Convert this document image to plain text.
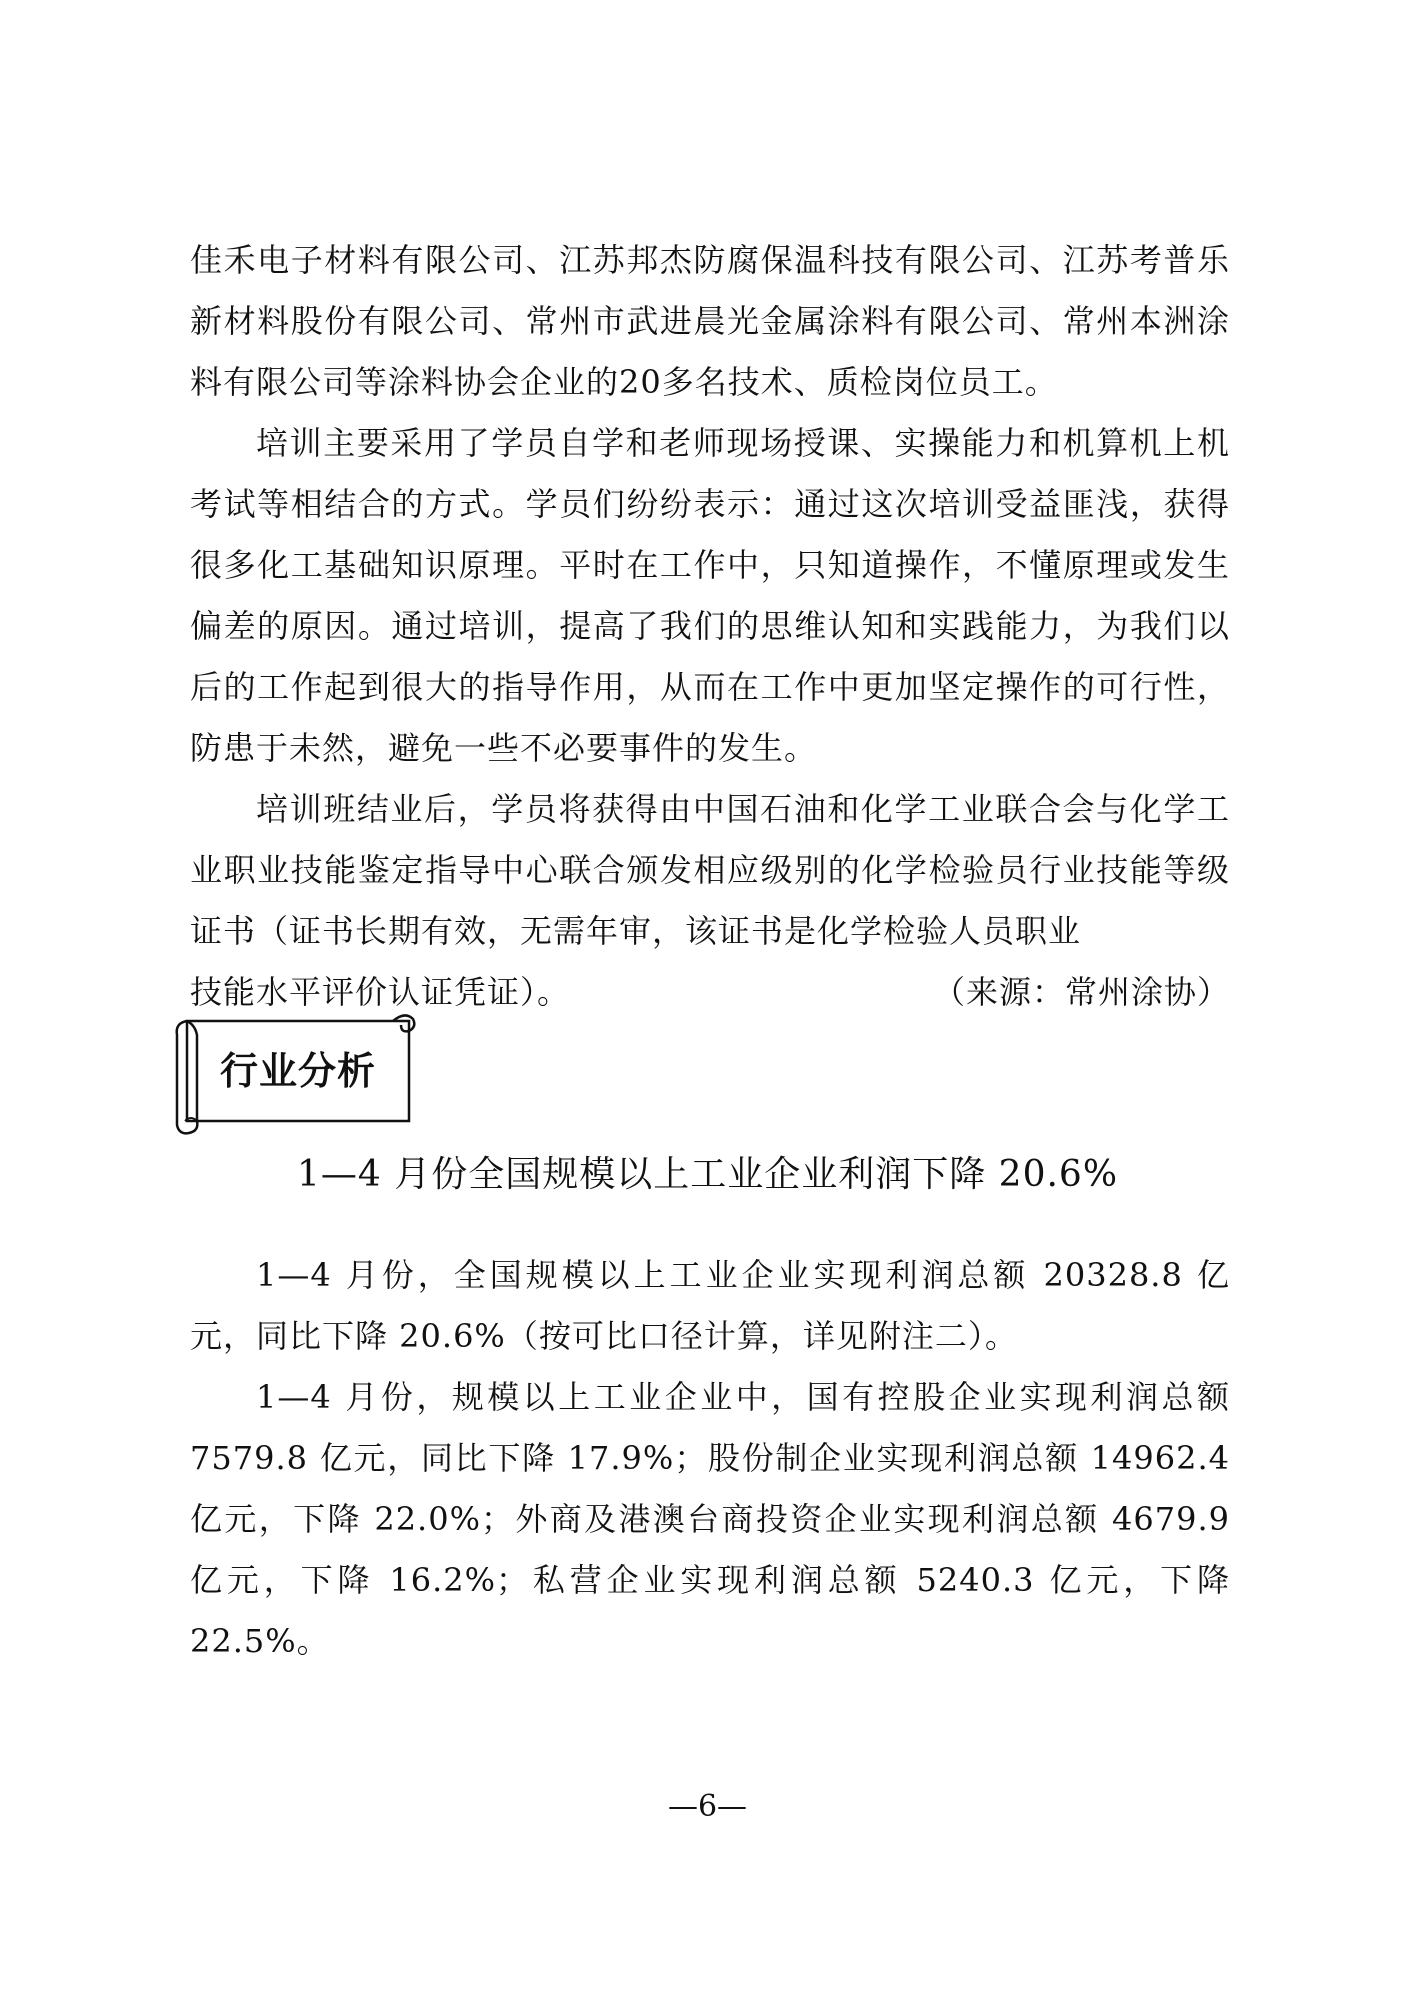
佳禾电子材料有限公司、江苏邦杰防腐保温科技有限公司、江苏考普乐新材料股份有限公司、常州市武进晨光金属涂料有限公司、常州本洲涂料有限公司等涂料协会企业的20多名技术、质检岗位员工。

培训主要采用了学员自学和老师现场授课、实操能力和机算机上机考试等相结合的方式。学员们纷纷表示：通过这次培训受益匪浅，获得很多化工基础知识原理。平时在工作中，只知道操作，不懂原理或发生偏差的原因。通过培训，提高了我们的思维认知和实践能力，为我们以后的工作起到很大的指导作用，从而在工作中更加坚定操作的可行性，防患于未然，避免一些不必要事件的发生。

培训班结业后，学员将获得由中国石油和化学工业联合会与化学工业职业技能鉴定指导中心联合颁发相应级别的化学检验员行业技能等级证书（证书长期有效，无需年审，该证书是化学检验人员职业

技能水平评价认证凭证）。	（来源：常州涂协）
行业分析
1—4 月份全国规模以上工业企业利润下降 20.6%

1—4 月份，全国规模以上工业企业实现利润总额 20328.8 亿元，同比下降 20.6%（按可比口径计算，详见附注二）。

1—4 月份，规模以上工业企业中，国有控股企业实现利润总额 7579.8 亿元，同比下降 17.9%；股份制企业实现利润总额 14962.4 亿元，下降 22.0%；外商及港澳台商投资企业实现利润总额 4679.9 亿元，下降 16.2%；私营企业实现利润总额 5240.3 亿元，下降 22.5%。

—6—
